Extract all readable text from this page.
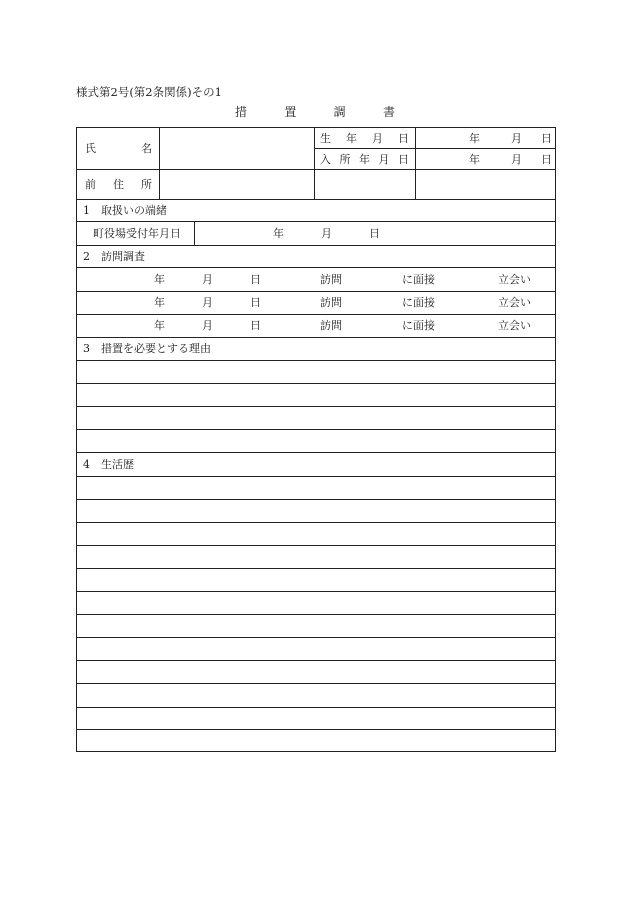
様式第2号(第2条関係)その1
措	置	調	書
氏	名
生 年 月 日	年	月 日
入 所 年 月 日	年	月 日
前 住 所
1　取扱いの端緒
町役場受付年月日	年	月	日
2　訪問調査
年	月	日	訪問	に面接	立会い
年	月	日	訪問	に面接	立会い
年	月	日	訪問	に面接	立会い
3　措置を必要とする理由
4　生活歴
